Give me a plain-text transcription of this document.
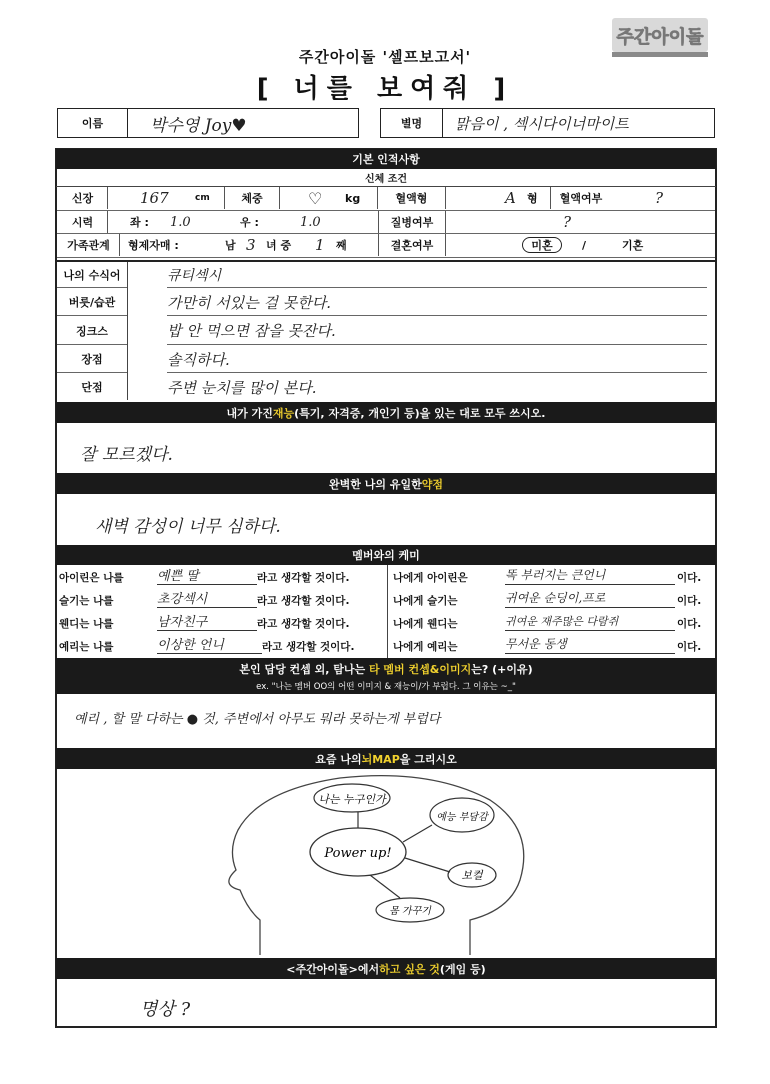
주간아이돌
주간아이돌 '셀프보고서'
[ 너를 보여줘 ]
이름	박수영 Joy♥	별명	맑음이 , 섹시다이너마이트
기본 인적사항
신체 조건
신장	167	cm	체중	♡	kg	혈액형	A	형	혈액여부	?
시력	좌 :	1.0	우 :	1.0	질병여부	?
가족관계	형제자매 :	남 3 녀 중	1	째	결혼여부	미혼	/	기혼
나의 수식어	큐티섹시
버릇/습관	가만히 서있는 걸 못한다.
징크스	밥 안 먹으면 잠을 못잔다.
장점	솔직하다.
단점	주변 눈치를 많이 본다.
내가 가진 재능 (특기, 자격증, 개인기 등)을 있는 대로 모두 쓰시오.
잘 모르겠다.
완벽한 나의 유일한 약점
새벽 감성이 너무 심하다.
멤버와의 케미
아이린은 나를	예쁜 딸	라고 생각할 것이다.
슬기는 나를	초강섹시	라고 생각할 것이다.
웬디는 나를	남자친구	라고 생각할 것이다.
예리는 나를	이상한 언니	라고 생각할 것이다.
나에게 아이린은	똑 부러지는 큰언니	이다.
나에게 슬기는	귀여운 순딩이,프로	이다.
나에게 웬디는	귀여운 재주많은 다람쥐	이다.
나에게 예리는	무서운 동생	이다.
본인 담당 컨셉 외, 탐나는 타 멤버 컨셉&이미지는? (+이유)
ex. "나는 멤버 OO의 어떤 이미지 & 재능이/가 부럽다. 그 이유는 ~_"
예리 , 할 말 다하는 ● 것, 주변에서 아무도 뭐라 못하는게 부럽다
요즘 나의 뇌MAP 을 그리시오
나는 누구인가
예능 부담감
Power up!
보컬
몸 가꾸기
<주간아이돌>에서 하고 싶은 것 (게임 등)
명상 ?
